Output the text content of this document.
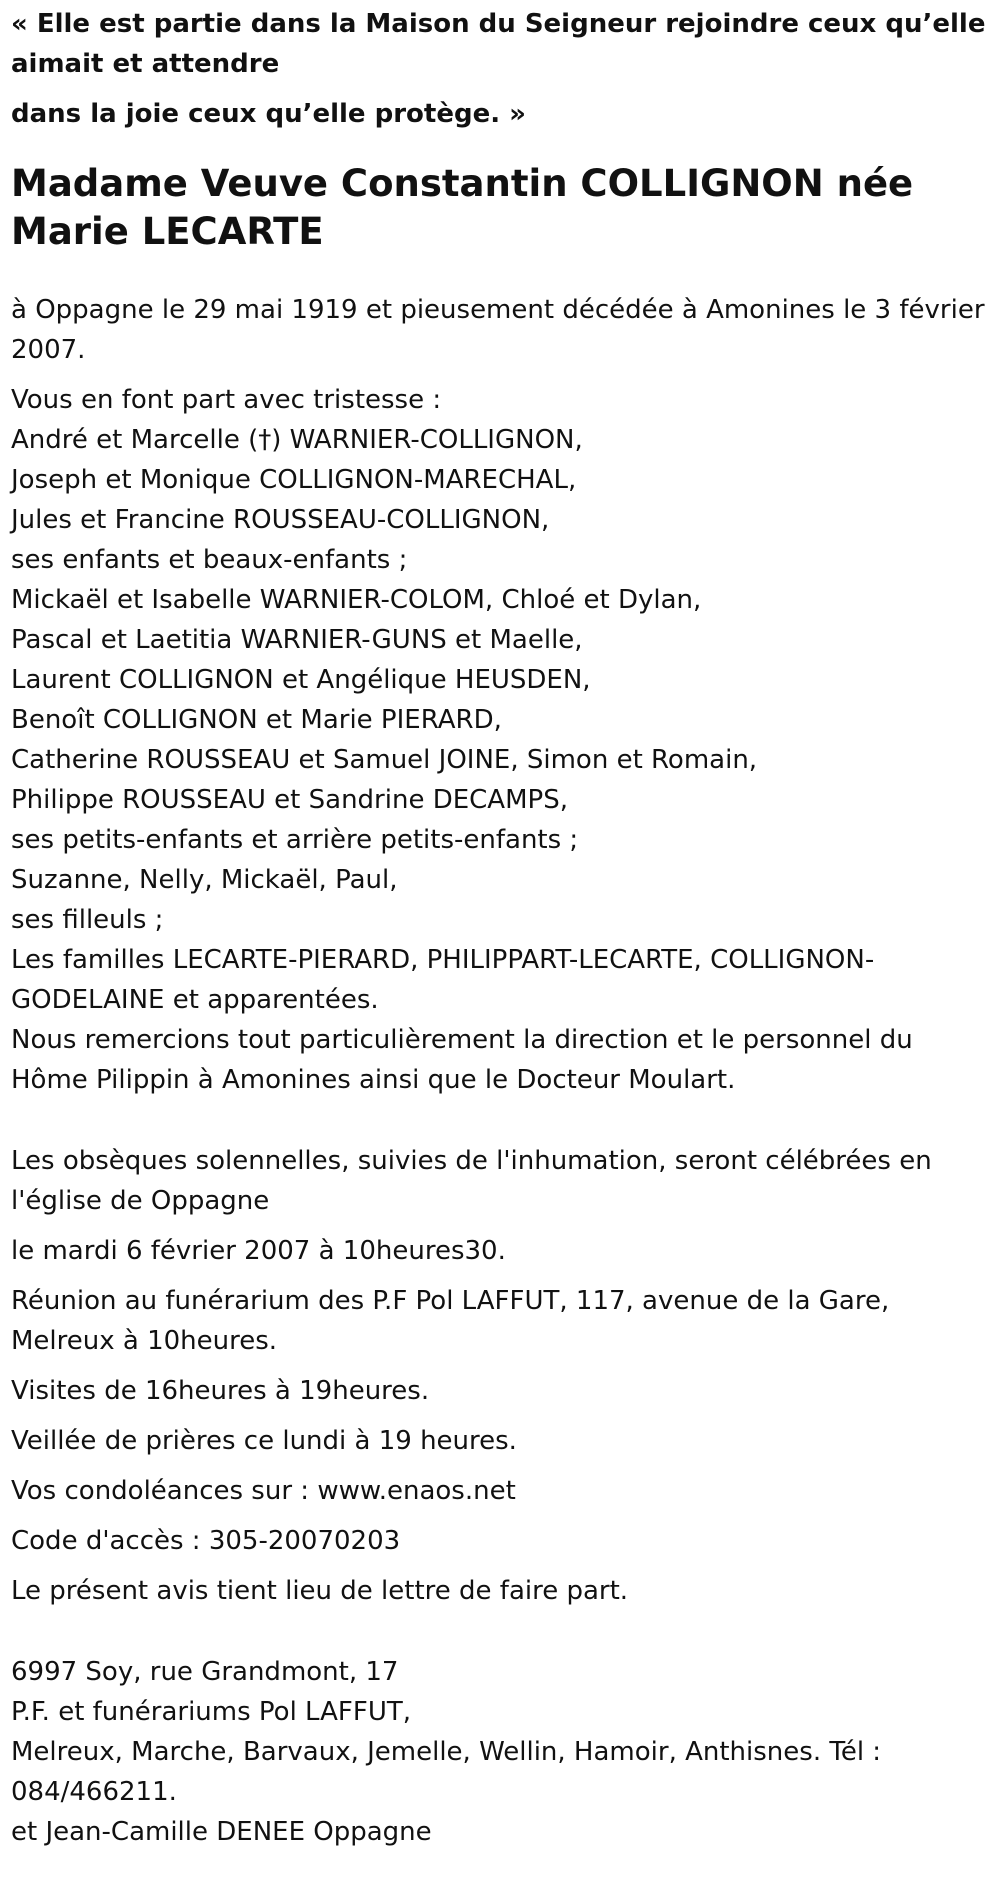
« Elle est partie dans la Maison du Seigneur rejoindre ceux qu’elle aimait et attendre

dans la joie ceux qu’elle protège. »

Madame Veuve Constantin COLLIGNON née Marie LECARTE

à Oppagne le 29 mai 1919 et pieusement décédée à Amonines le 3 février 2007.

Vous en font part avec tristesse :
André et Marcelle (†) WARNIER-COLLIGNON,
Joseph et Monique COLLIGNON-MARECHAL,
Jules et Francine ROUSSEAU-COLLIGNON,
ses enfants et beaux-enfants ;
Mickaël et Isabelle WARNIER-COLOM, Chloé et Dylan,
Pascal et Laetitia WARNIER-GUNS et Maelle,
Laurent COLLIGNON et Angélique HEUSDEN,
Benoît COLLIGNON et Marie PIERARD,
Catherine ROUSSEAU et Samuel JOINE, Simon et Romain,
Philippe ROUSSEAU et Sandrine DECAMPS,
ses petits-enfants et arrière petits-enfants ;
Suzanne, Nelly, Mickaël, Paul,
ses filleuls ;
Les familles LECARTE-PIERARD, PHILIPPART-LECARTE, COLLIGNON-GODELAINE et apparentées.
Nous remercions tout particulièrement la direction et le personnel du Hôme Pilippin à Amonines ainsi que le Docteur Moulart.

Les obsèques solennelles, suivies de l'inhumation, seront célébrées en l'église de Oppagne

le mardi 6 février 2007 à 10heures30.

Réunion au funérarium des P.F Pol LAFFUT, 117, avenue de la Gare, Melreux à 10heures.

Visites de 16heures à 19heures.

Veillée de prières ce lundi à 19 heures.

Vos condoléances sur : www.enaos.net

Code d'accès : 305-20070203

Le présent avis tient lieu de lettre de faire part.

6997 Soy, rue Grandmont, 17
P.F. et funérariums Pol LAFFUT,
Melreux, Marche, Barvaux, Jemelle, Wellin, Hamoir, Anthisnes. Tél : 084/466211.
et Jean-Camille DENEE Oppagne
